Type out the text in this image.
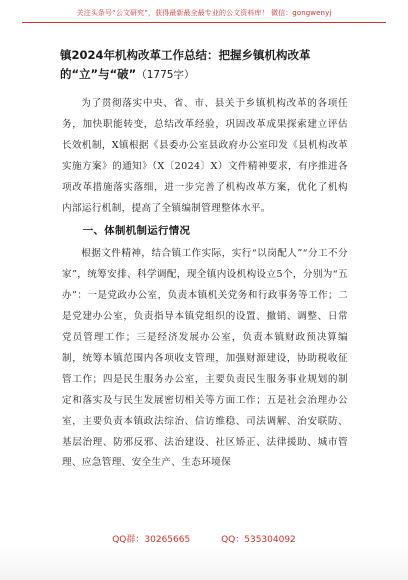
关注头条号“公文研究”，获得最新最全最专业的公文资料库！ 微信：gongwenyj
镇2024年机构改革工作总结：把握乡镇机构改革的“立”与“破”（1775字）

为了贯彻落实中央、省、市、县关于乡镇机构改革的各项任务，加快职能转变，总结改革经验，巩固改革成果探索建立评估长效机制，X镇根据《县委办公室县政府办公室印发《县机构改革实施方案》的通知》（X〔2024〕X）文件精神要求，有序推进各项改革措施落实落细，进一步完善了机构改革方案，优化了机构内部运行机制，提高了全镇编制管理整体水平。

一、体制机制运行情况

根据文件精神，结合镇工作实际，实行“以岗配人”“分工不分家”，统筹安排、科学调配，现全镇内设机构设立5个，分别为“五办”：一是党政办公室，负责本镇机关党务和行政事务等工作；二是党建办公室，负责指导本镇党组织的设置、撤销、调整、日常党员管理工作；三是经济发展办公室，负责本镇财政预决算编制，统筹本镇范围内各项收支管理，加强财源建设，协助税收征管工作；四是民生服务办公室，主要负责民生服务事业规划的制定和落实及与民生发展密切相关等方面工作；五是社会治理办公室，主要负责本镇政法综治、信访维稳、司法调解、治安联防、基层治理、防邪反邪、法治建设、社区矫正、法律援助、城市管理、应急管理、安全生产、生态环境保

QQ群：30265665	QQ：535304092
